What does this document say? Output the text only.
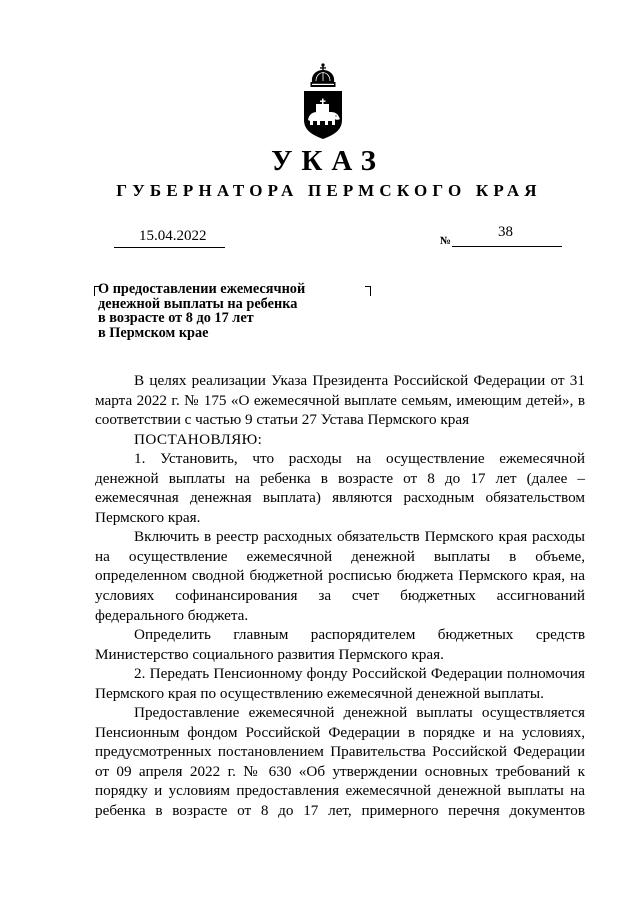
УКАЗ
ГУБЕРНАТОРА ПЕРМСКОГО КРАЯ
15.04.2022	№
38
О предоставлении ежемесячной
денежной выплаты на ребенка
в возрасте от 8 до 17 лет
в Пермском крае

В целях реализации Указа Президента Российской Федерации от 31 марта 2022 г. № 175 «О ежемесячной выплате семьям, имеющим детей», в соответствии с частью 9 статьи 27 Устава Пермского края

ПОСТАНОВЛЯЮ:

1. Установить, что расходы на осуществление ежемесячной денежной выплаты на ребенка в возрасте от 8 до 17 лет (далее – ежемесячная денежная выплата) являются расходным обязательством Пермского края.

Включить в реестр расходных обязательств Пермского края расходы на осуществление ежемесячной денежной выплаты в объеме, определенном сводной бюджетной росписью бюджета Пермского края, на условиях софинансирования за счет бюджетных ассигнований федерального бюджета.

Определить главным распорядителем бюджетных средств Министерство социального развития Пермского края.

2. Передать Пенсионному фонду Российской Федерации полномочия Пермского края по осуществлению ежемесячной денежной выплаты.

Предоставление ежемесячной денежной выплаты осуществляется Пенсионным фондом Российской Федерации в порядке и на условиях, предусмотренных постановлением Правительства Российской Федерации от 09 апреля 2022 г. № 630 «Об утверждении основных требований к порядку и условиям предоставления ежемесячной денежной выплаты на ребенка в возрасте от 8 до 17 лет, примерного перечня документов
